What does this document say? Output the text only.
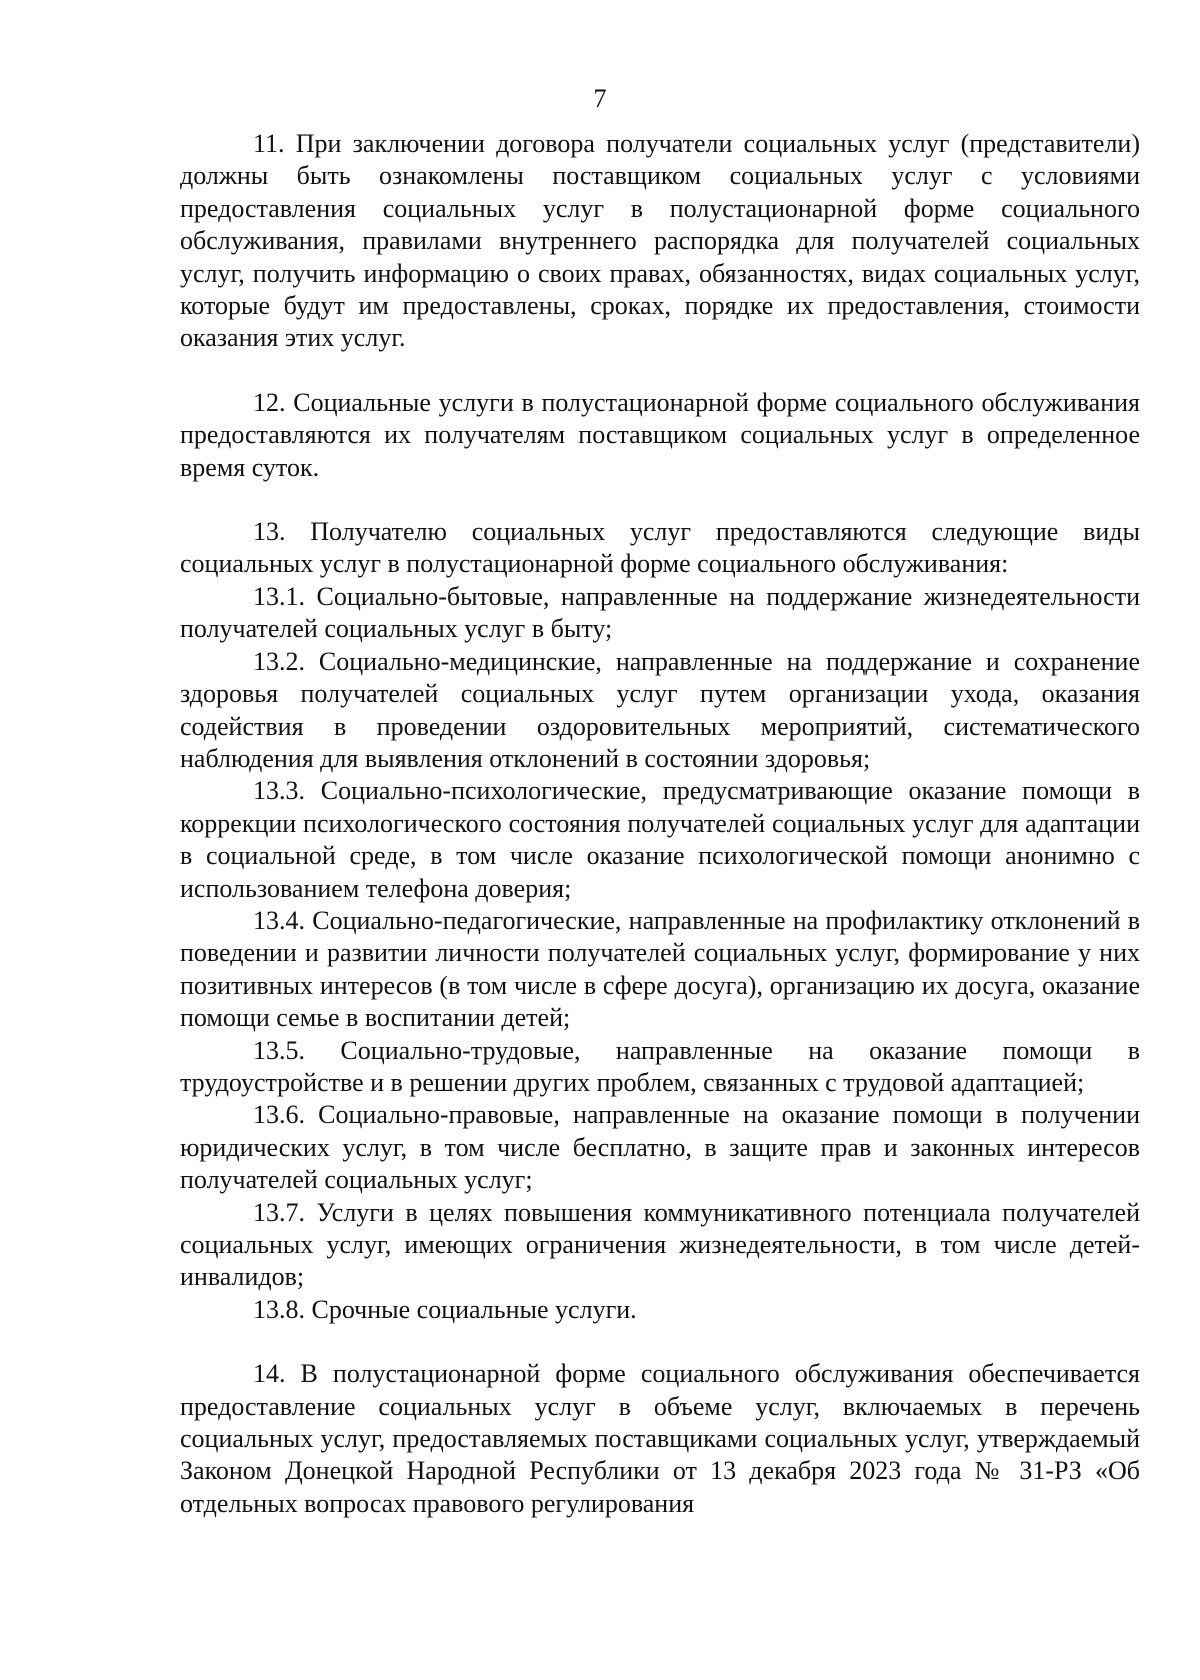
7

11. При заключении договора получатели социальных услуг (представители) должны быть ознакомлены поставщиком социальных услуг с условиями предоставления социальных услуг в полустационарной форме социального обслуживания, правилами внутреннего распорядка для получателей социальных услуг, получить информацию о своих правах, обязанностях, видах социальных услуг, которые будут им предоставлены, сроках, порядке их предоставления, стоимости оказания этих услуг.

12. Социальные услуги в полустационарной форме социального обслуживания предоставляются их получателям поставщиком социальных услуг в определенное время суток.

13. Получателю социальных услуг предоставляются следующие виды социальных услуг в полустационарной форме социального обслуживания:

13.1. Социально-бытовые, направленные на поддержание жизнедеятельности получателей социальных услуг в быту;

13.2. Социально-медицинские, направленные на поддержание и сохранение здоровья получателей социальных услуг путем организации ухода, оказания содействия в проведении оздоровительных мероприятий, систематического наблюдения для выявления отклонений в состоянии здоровья;

13.3. Социально-психологические, предусматривающие оказание помощи в коррекции психологического состояния получателей социальных услуг для адаптации в социальной среде, в том числе оказание психологической помощи анонимно с использованием телефона доверия;

13.4. Социально-педагогические, направленные на профилактику отклонений в поведении и развитии личности получателей социальных услуг, формирование у них позитивных интересов (в том числе в сфере досуга), организацию их досуга, оказание помощи семье в воспитании детей;

13.5. Социально-трудовые, направленные на оказание помощи в трудоустройстве и в решении других проблем, связанных с трудовой адаптацией;

13.6. Социально-правовые, направленные на оказание помощи в получении юридических услуг, в том числе бесплатно, в защите прав и законных интересов получателей социальных услуг;

13.7. Услуги в целях повышения коммуникативного потенциала получателей социальных услуг, имеющих ограничения жизнедеятельности, в том числе детей-инвалидов;

13.8. Срочные социальные услуги.

14. В полустационарной форме социального обслуживания обеспечивается предоставление социальных услуг в объеме услуг, включаемых в перечень социальных услуг, предоставляемых поставщиками социальных услуг, утверждаемый Законом Донецкой Народной Республики от 13 декабря 2023 года № 31-РЗ «Об отдельных вопросах правового регулирования
